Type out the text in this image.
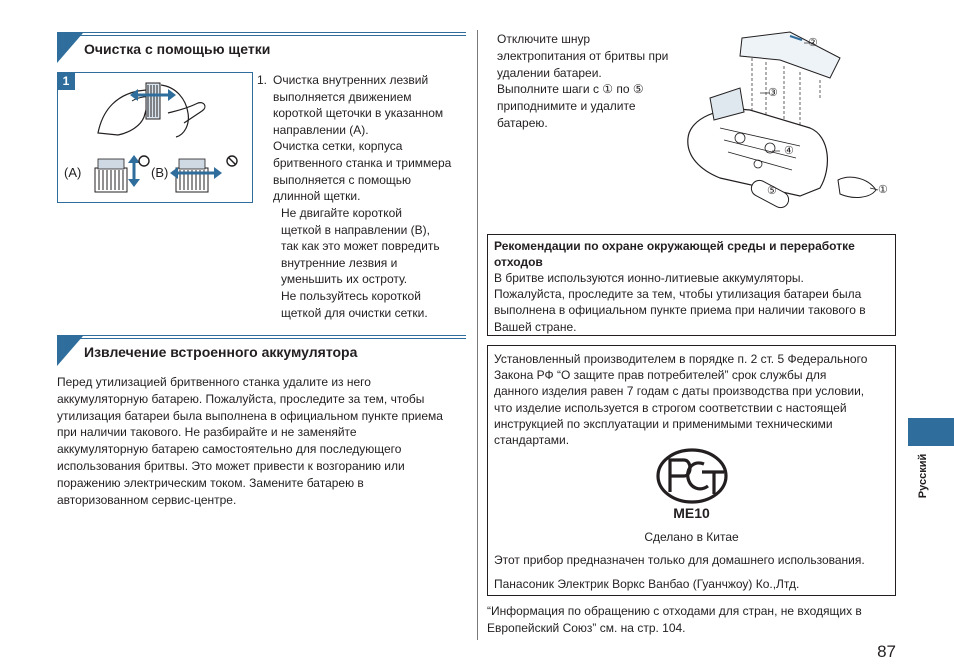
Очистка с помощью щетки
1
(A)	(B)
1. Очистка внутренних лезвий
выполняется движением
короткой щеточки в указанном
направлении (A).
Очистка сетки, корпуса
бритвенного станка и триммера
выполняется с помощью
длинной щетки.
Не двигайте короткой
щеткой в направлении (B),
так как это может повредить
внутренние лезвия и
уменьшить их остроту.
Не пользуйтесь короткой
щеткой для очистки сетки.
Извлечение встроенного аккумулятора
Перед утилизацией бритвенного станка удалите из него
аккумуляторную батарею. Пожалуйста, проследите за тем, чтобы
утилизация батареи была выполнена в официальном пункте приема
при наличии такового. Не разбирайте и не заменяйте
аккумуляторную батарею самостоятельно для последующего
использования бритвы. Это может привести к возгоранию или
поражению электрическим током. Замените батарею в
авторизованном сервис-центре.
Отключите шнур
электропитания от бритвы при
удалении батареи.
Выполните шаги с ① по ⑤
приподнимите и удалите
батарею.
②
③
④
⑤	①
Рекомендации по охране окружающей среды и переработке отходов
В бритве используются ионно-литиевые аккумуляторы.
Пожалуйста, проследите за тем, чтобы утилизация батареи была
выполнена в официальном пункте приема при наличии такового в
Вашей стране.
Установленный производителем в порядке п. 2 ст. 5 Федерального
Закона РФ “О защите прав потребителей” срок службы для
данного изделия равен 7 годам с даты производства при условии,
что изделие используется в строгом соответствии с настоящей
инструкцией по эксплуатации и применимыми техническими
стандартами.
ME10
Сделано в Китае
Этот прибор предназначен только для домашнего использования.
Панасоник Электрик Воркс Ванбао (Гуанчжоу) Ко.,Лтд.
“Информация по обращению с отходами для стран, не входящих в
Европейский Союз” см. на стр. 104.
Русский
87
